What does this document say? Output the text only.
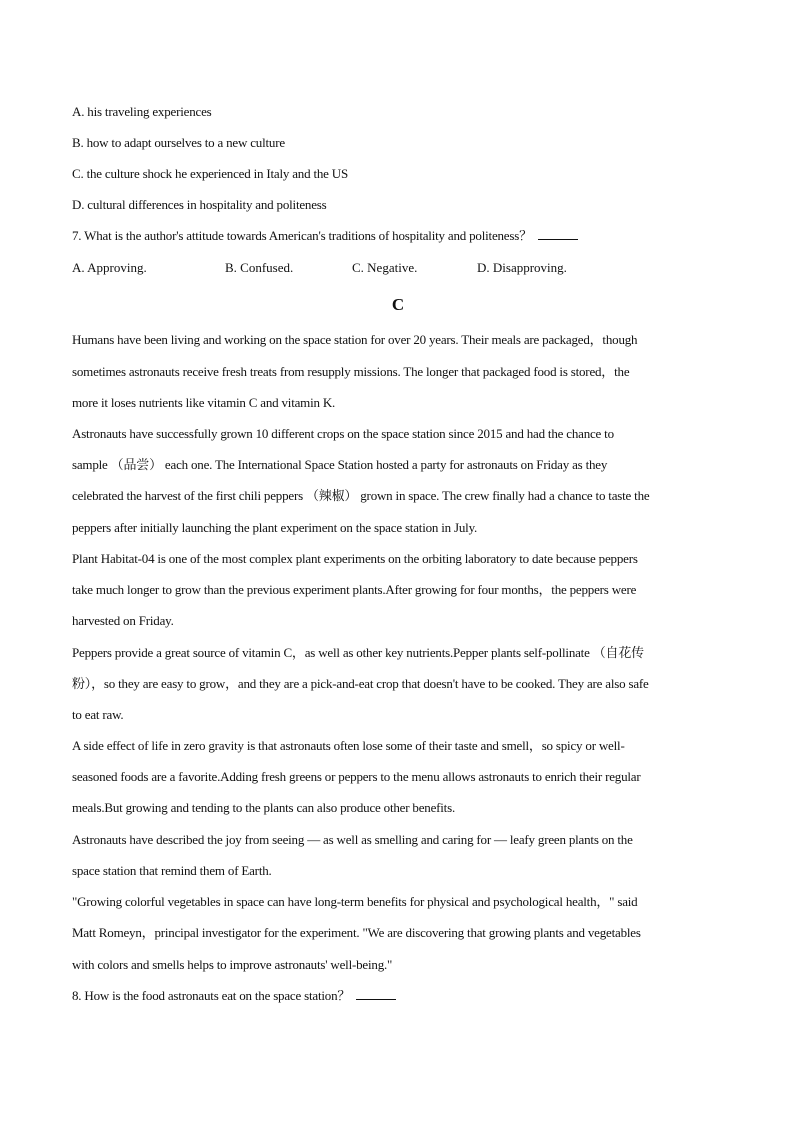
A. his traveling experiences
B. how to adapt ourselves to a new culture
C. the culture shock he experienced in Italy and the US
D. cultural differences in hospitality and politeness
7. What is the author's attitude towards American's traditions of hospitality and politeness？
A. Approving.	B. Confused.	C. Negative.	D. Disapproving.
C
Humans have been living and working on the space station for over 20 years. Their meals are packaged，though
sometimes astronauts receive fresh treats from resupply missions. The longer that packaged food is stored，the
more it loses nutrients like vitamin C and vitamin K.
Astronauts have successfully grown 10 different crops on the space station since 2015 and had the chance to
sample （品尝） each one. The International Space Station hosted a party for astronauts on Friday as they
celebrated the harvest of the first chili peppers （辣椒） grown in space. The crew finally had a chance to taste the
peppers after initially launching the plant experiment on the space station in July.
Plant Habitat-04 is one of the most complex plant experiments on the orbiting laboratory to date because peppers
take much longer to grow than the previous experiment plants.After growing for four months，the peppers were
harvested on Friday.
Peppers provide a great source of vitamin C，as well as other key nutrients.Pepper plants self-pollinate （自花传
粉），so they are easy to grow，and they are a pick-and-eat crop that doesn't have to be cooked. They are also safe
to eat raw.
A side effect of life in zero gravity is that astronauts often lose some of their taste and smell，so spicy or well-
seasoned foods are a favorite.Adding fresh greens or peppers to the menu allows astronauts to enrich their regular
meals.But growing and tending to the plants can also produce other benefits.
Astronauts have described the joy from seeing — as well as smelling and caring for — leafy green plants on the
space station that remind them of Earth.
"Growing colorful vegetables in space can have long-term benefits for physical and psychological health，" said
Matt Romeyn，principal investigator for the experiment. "We are discovering that growing plants and vegetables
with colors and smells helps to improve astronauts' well-being."
8. How is the food astronauts eat on the space station？
